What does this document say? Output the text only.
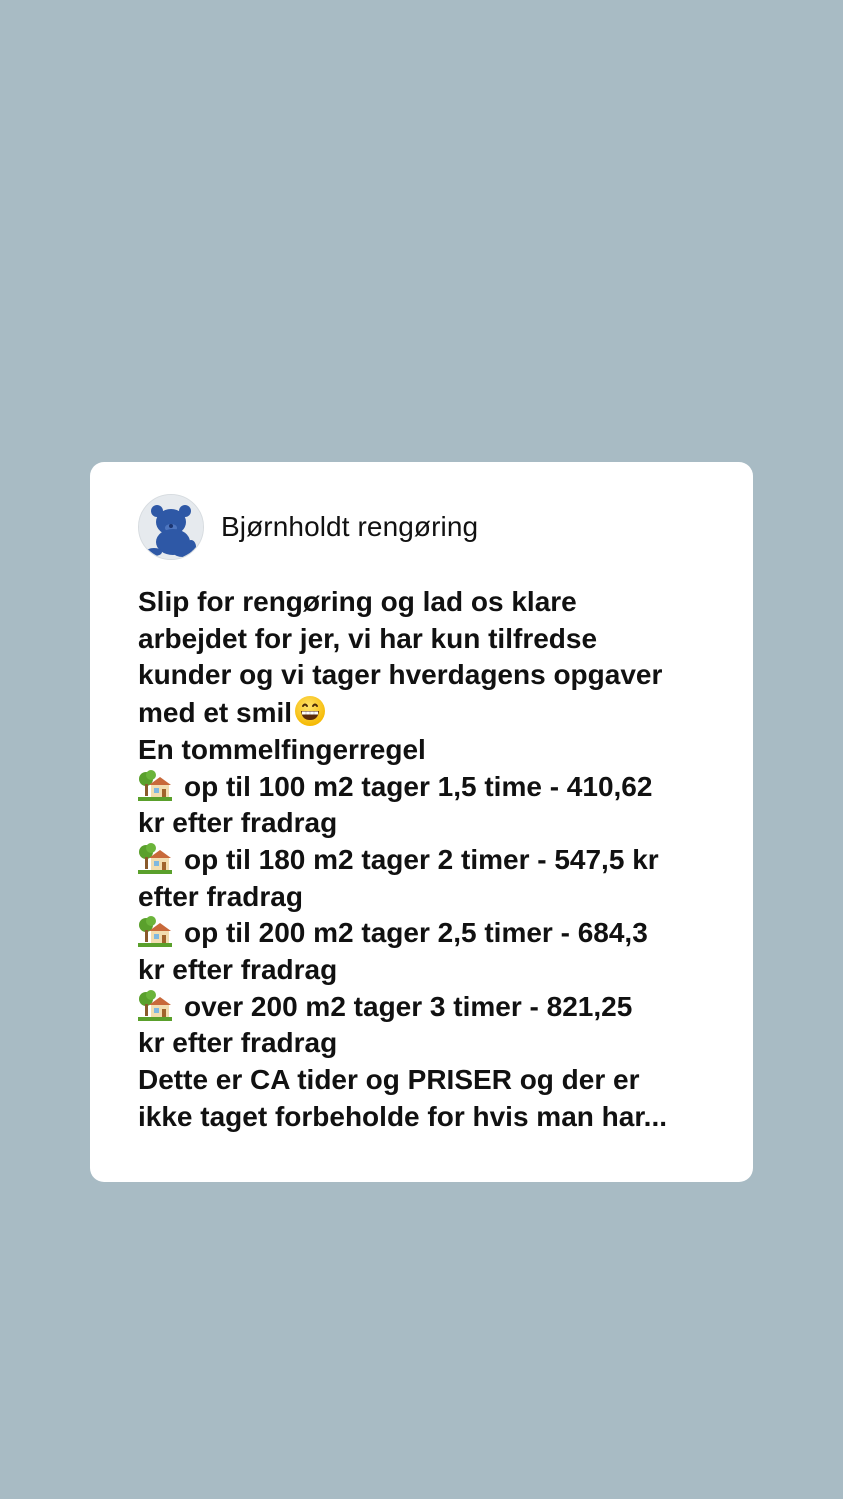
Bjørnholdt rengøring
Slip for rengøring og lad os klare
arbejdet for jer, vi har kun tilfredse
kunder og vi tager hverdagens opgaver
med et smil
En tommelfingerregel
op til 100 m2 tager 1,5 time - 410,62
kr efter fradrag
op til 180 m2 tager 2 timer - 547,5 kr
efter fradrag
op til 200 m2 tager 2,5 timer - 684,3
kr efter fradrag
over 200 m2 tager 3 timer - 821,25
kr efter fradrag
Dette er CA tider og PRISER og der er
ikke taget forbeholde for hvis man har...
